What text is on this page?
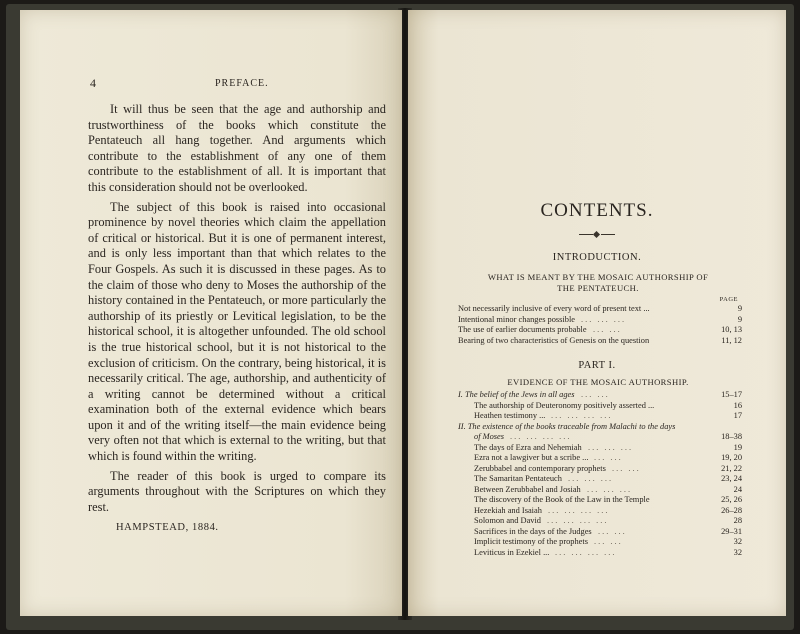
4	PREFACE.

It will thus be seen that the age and authorship and trustworthiness of the books which constitute the Pentateuch all hang together. And arguments which contribute to the establishment of any one of them contribute to the establishment of all. It is important that this consideration should not be overlooked.

The subject of this book is raised into occasional prominence by novel theories which claim the appellation of critical or historical. But it is one of permanent interest, and is only less important than that which relates to the Four Gospels. As such it is discussed in these pages. As to the claim of those who deny to Moses the authorship of the history contained in the Pentateuch, or more particularly the authorship of its priestly or Levitical legislation, to be the historical school, it is altogether unfounded. The old school is the true historical school, but it is not historical to the exclusion of criticism. On the contrary, being historical, it is necessarily critical. The age, authorship, and authenticity of a writing cannot be determined without a critical examination both of the external evidence which bears upon it and of the writing itself—the main evidence being very often not that which is external to the writing, but that which is found within the writing.

The reader of this book is urged to compare its arguments throughout with the Scriptures on which they rest.

HAMPSTEAD, 1884.
CONTENTS.
INTRODUCTION.
WHAT IS MEANT BY THE MOSAIC AUTHORSHIP OF THE PENTATEUCH.
PAGE
Not necessarily inclusive of every word of present text ...	9
Intentional minor changes possible ... ... ...	9
The use of earlier documents probable ... ...	10, 13
Bearing of two characteristics of Genesis on the question	11, 12
PART I.
EVIDENCE OF THE MOSAIC AUTHORSHIP.
I. The belief of the Jews in all ages ... ...	15–17
The authorship of Deuteronomy positively asserted ...	16
Heathen testimony ... ... ... ... ...	17
II. The existence of the books traceable from Malachi to the days
of Moses ... ... ... ...	18–38
The days of Ezra and Nehemiah ... ... ...	19
Ezra not a lawgiver but a scribe ... ... ...	19, 20
Zerubbabel and contemporary prophets ... ...	21, 22
The Samaritan Pentateuch ... ... ...	23, 24
Between Zerubbabel and Josiah ... ... ...	24
The discovery of the Book of the Law in the Temple	25, 26
Hezekiah and Isaiah ... ... ... ...	26–28
Solomon and David ... ... ... ...	28
Sacrifices in the days of the Judges ... ...	29–31
Implicit testimony of the prophets ... ...	32
Leviticus in Ezekiel ... ... ... ... ...	32
